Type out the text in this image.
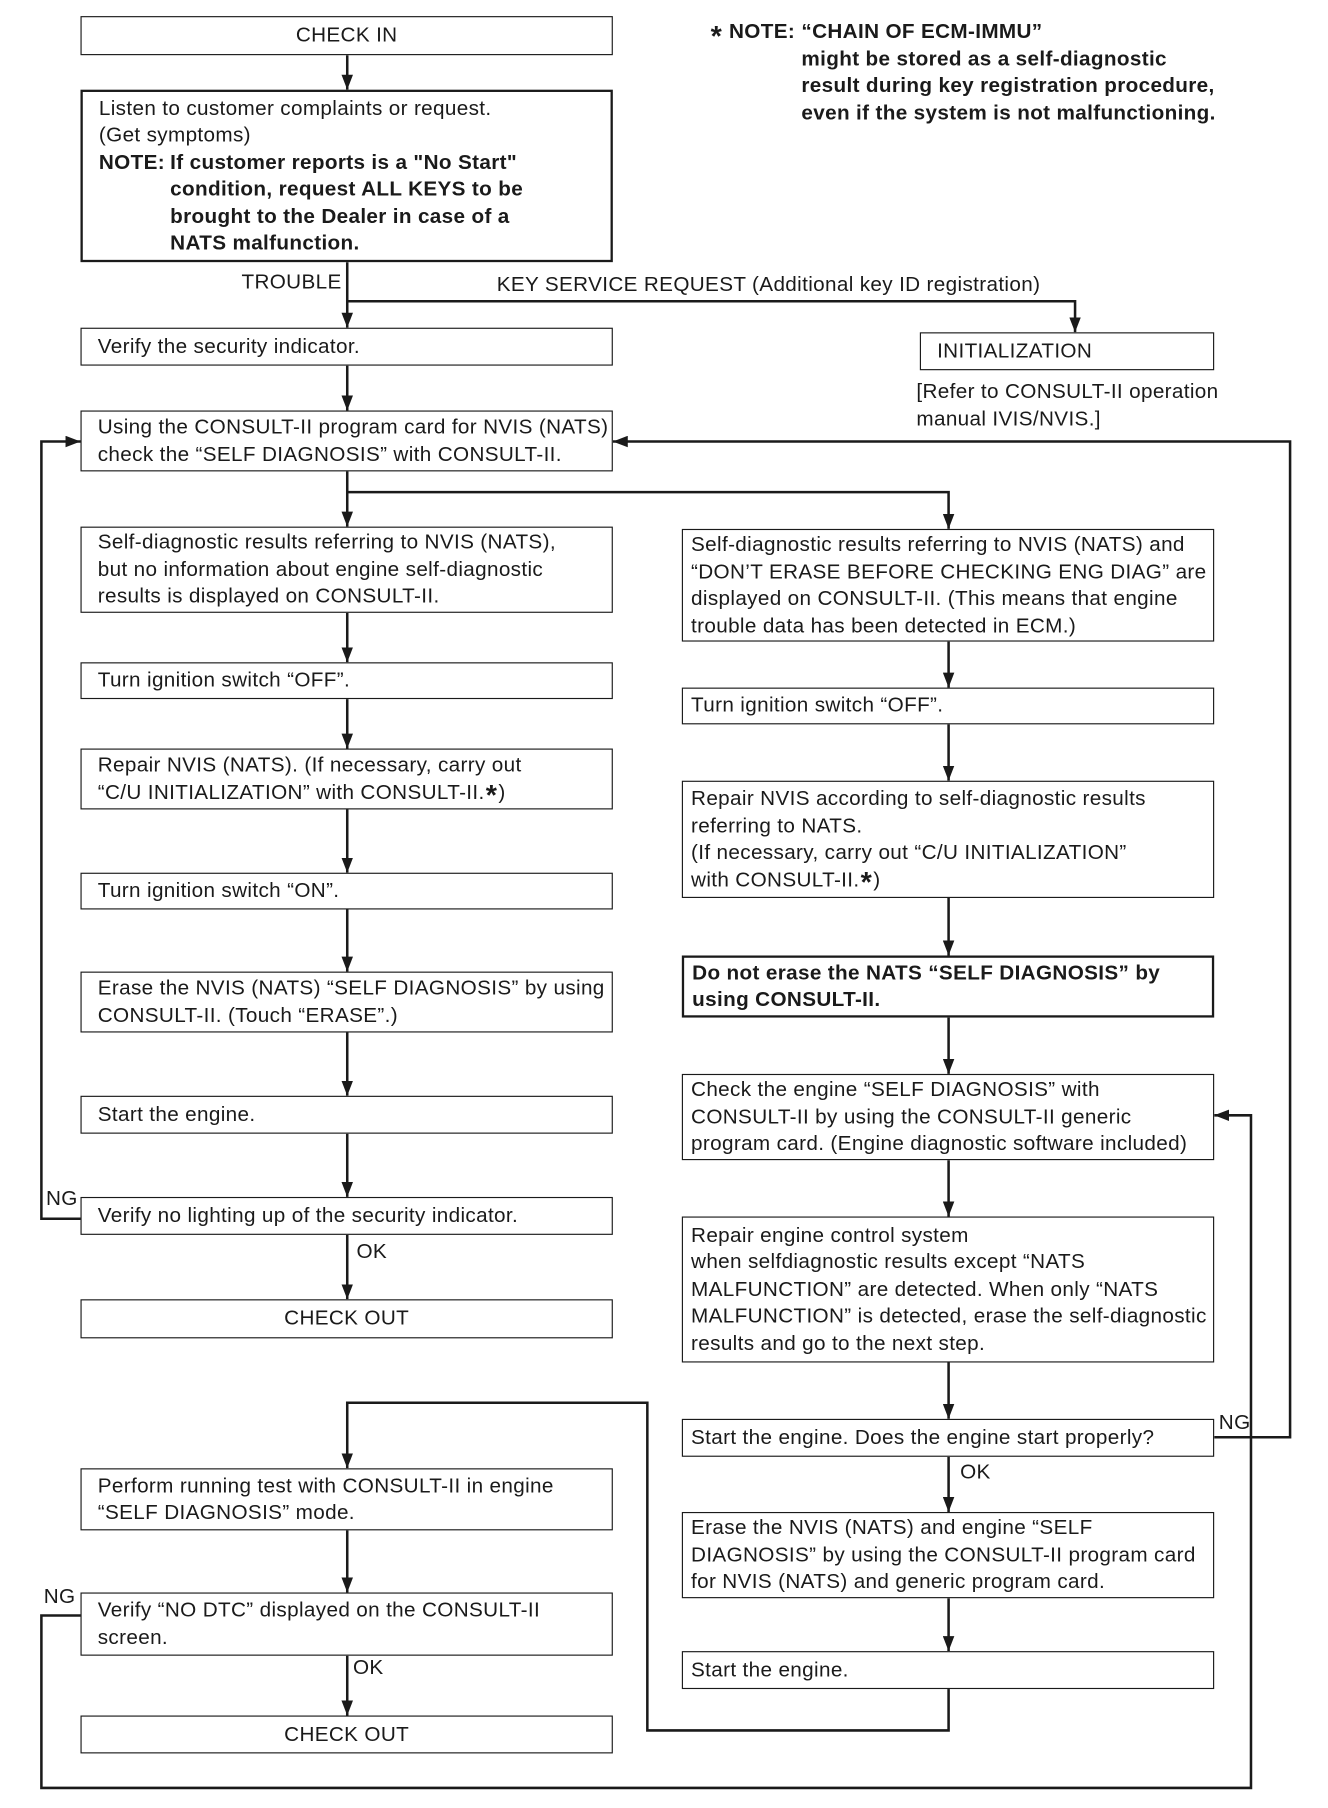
* NOTE: “CHAIN OF ECM-IMMU”
might be stored as a self-diagnostic
result during key registration procedure,
even if the system is not malfunctioning.
TROUBLE	KEY SERVICE REQUEST (Additional key ID registration)
NG
OK
NG
OK
NG
OK
INITIALIZATION
[Refer to CONSULT-II operation
manual IVIS/NVIS.]
CHECK IN
Listen to customer complaints or request.
(Get symptoms)
NOTE: If customer reports is a "No Start"
condition, request ALL KEYS to be
brought to the Dealer in case of a
NATS malfunction.
Verify the security indicator.
Using the CONSULT-II program card for NVIS (NATS)
check the “SELF DIAGNOSIS” with CONSULT-II.
Self-diagnostic results referring to NVIS (NATS),
but no information about engine self-diagnostic
results is displayed on CONSULT-II.
Turn ignition switch “OFF”.
Repair NVIS (NATS). (If necessary, carry out
“C/U INITIALIZATION” with CONSULT-II.*)
Turn ignition switch “ON”.
Erase the NVIS (NATS) “SELF DIAGNOSIS” by using
CONSULT-II. (Touch “ERASE”.)
Start the engine.
Verify no lighting up of the security indicator.
CHECK OUT
Perform running test with CONSULT-II in engine
“SELF DIAGNOSIS” mode.
Verify “NO DTC” displayed on the CONSULT-II
screen.
CHECK OUT
Self-diagnostic results referring to NVIS (NATS) and
“DON’T ERASE BEFORE CHECKING ENG DIAG” are
displayed on CONSULT-II. (This means that engine
trouble data has been detected in ECM.)
Turn ignition switch “OFF”.
Repair NVIS according to self-diagnostic results
referring to NATS.
(If necessary, carry out “C/U INITIALIZATION”
with CONSULT-II.*)
Do not erase the NATS “SELF DIAGNOSIS” by
using CONSULT-II.
Check the engine “SELF DIAGNOSIS” with
CONSULT-II by using the CONSULT-II generic
program card. (Engine diagnostic software included)
Repair engine control system
when selfdiagnostic results except “NATS
MALFUNCTION” are detected. When only “NATS
MALFUNCTION” is detected, erase the self-diagnostic
results and go to the next step.
Start the engine. Does the engine start properly?
Erase the NVIS (NATS) and engine “SELF
DIAGNOSIS” by using the CONSULT-II program card
for NVIS (NATS) and generic program card.
Start the engine.
